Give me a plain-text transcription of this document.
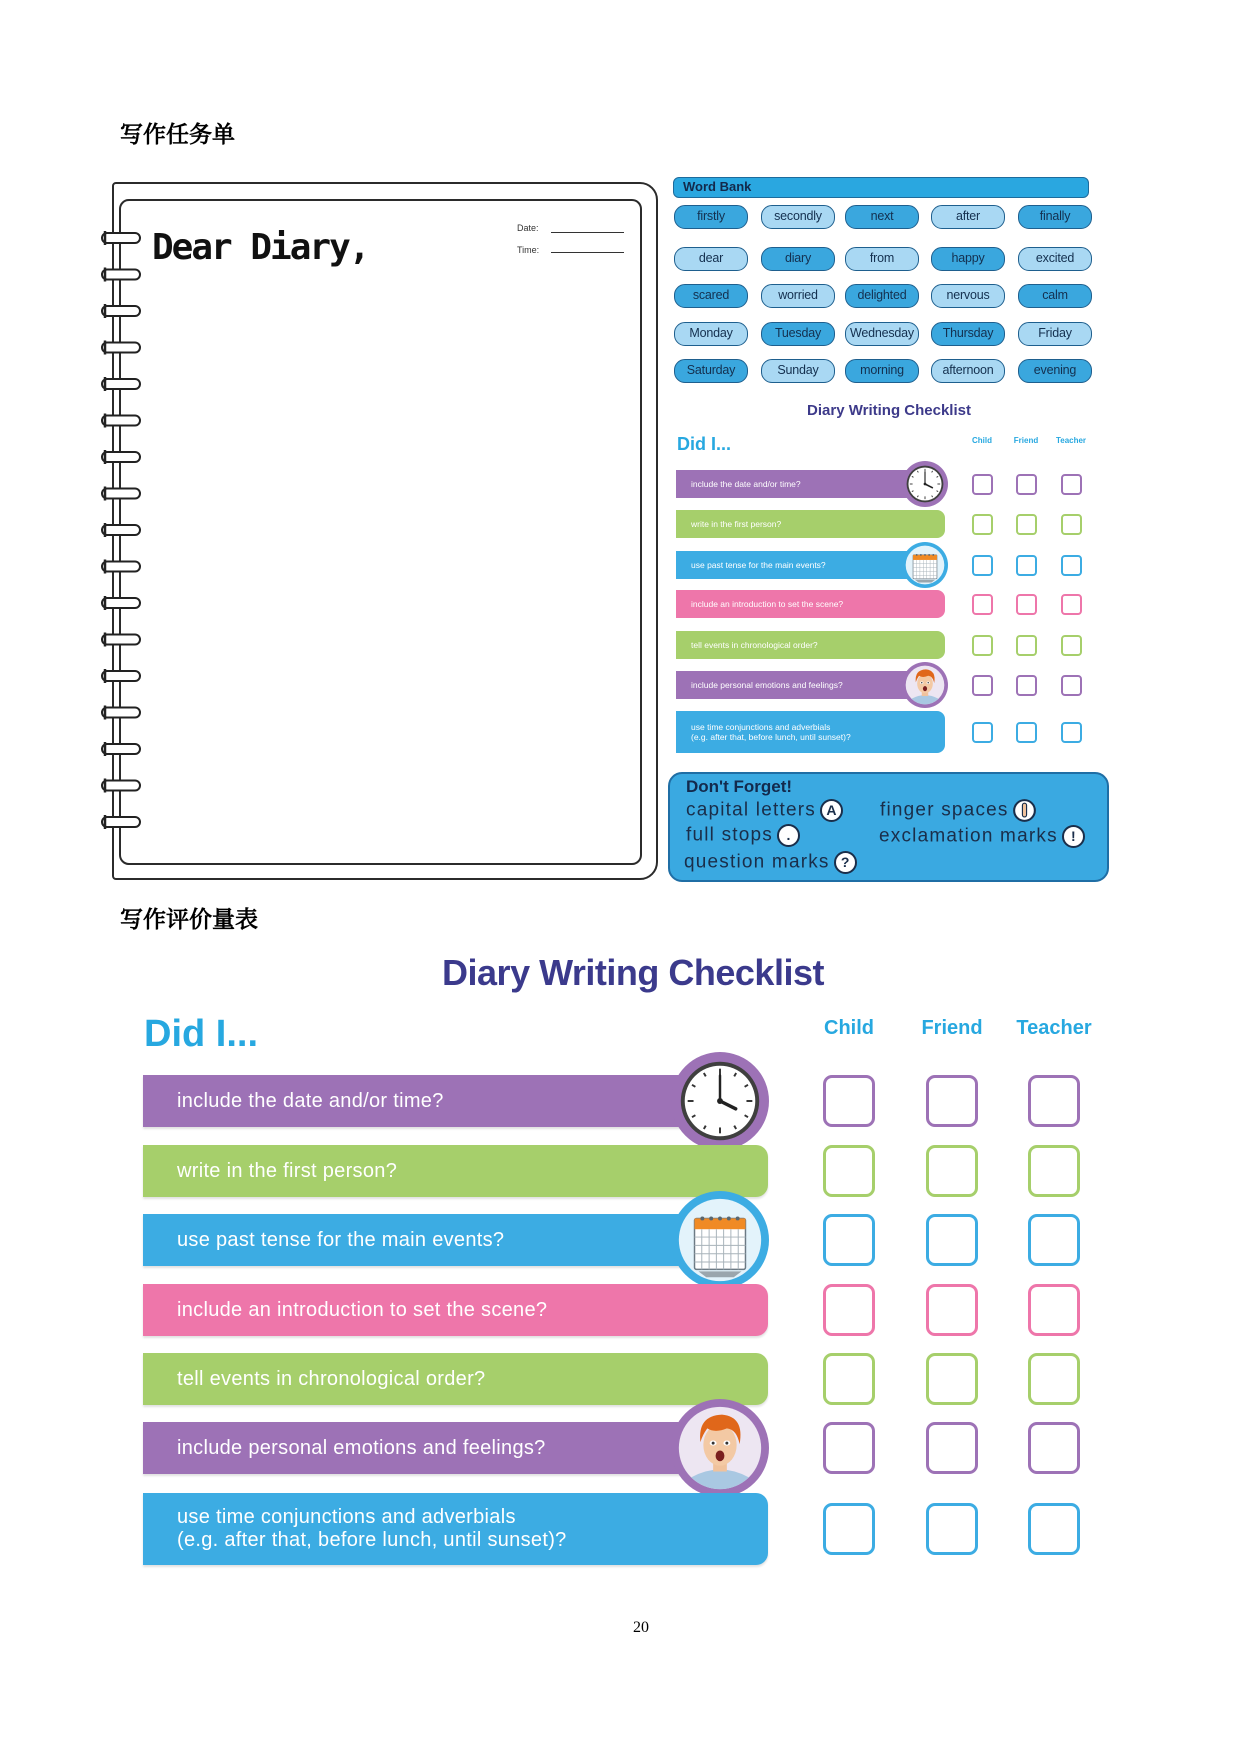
写作任务单
Dear Diary,	Date:
Time:
Word Bank
Diary Writing Checklist
Did I...
Don't Forget!
capital letters A
full stops .
question marks ?
finger spaces
exclamation marks !
写作评价量表
Diary Writing Checklist
Did I...
20
firstly	secondly	next	after	finally
dear	diary	from	happy	excited
scared	worried	delighted	nervous	calm
Monday	Tuesday	Wednesday	Thursday	Friday
Saturday	Sunday	morning	afternoon	evening
Child	Friend	Teacher
include the date and/or time?
write in the first person?
use past tense for the main events?
include an introduction to set the scene?
tell events in chronological order?
include personal emotions and feelings?
use time conjunctions and adverbials
(e.g. after that, before lunch, until sunset)?
Child	Friend	Teacher
include the date and/or time?
write in the first person?
use past tense for the main events?
include an introduction to set the scene?
tell events in chronological order?
include personal emotions and feelings?
use time conjunctions and adverbials
(e.g. after that, before lunch, until sunset)?
